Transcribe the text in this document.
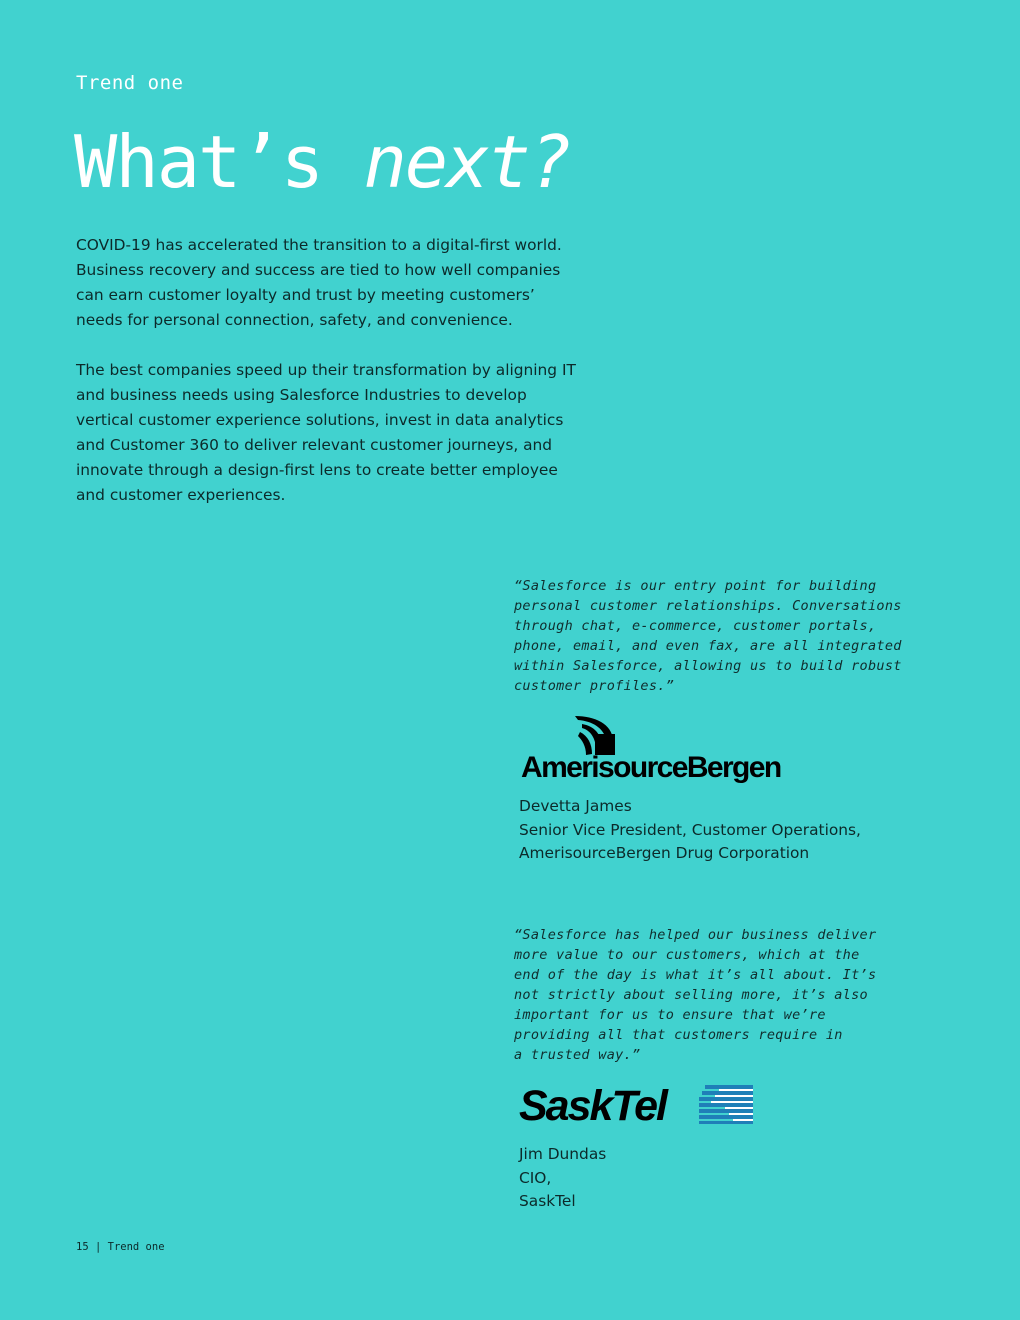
Trend one
What’s next?

COVID-19 has accelerated the transition to a digital-first world. Business recovery and success are tied to how well companies can earn customer loyalty and trust by meeting customers’ needs for personal connection, safety, and convenience.

The best companies speed up their transformation by aligning IT and business needs using Salesforce Industries to develop vertical customer experience solutions, invest in data analytics and Customer 360 to deliver relevant customer journeys, and innovate through a design-first lens to create better employee and customer experiences.

“Salesforce is our entry point for building
personal customer relationships. Conversations
through chat, e-commerce, customer portals,
phone, email, and even fax, are all integrated
within Salesforce, allowing us to build robust
customer profiles.”

AmerisourceBergen
Devetta James
Senior Vice President, Customer Operations,
AmerisourceBergen Drug Corporation

“Salesforce has helped our business deliver
more value to our customers, which at the
end of the day is what it’s all about. It’s
not strictly about selling more, it’s also
important for us to ensure that we’re
providing all that customers require in
a trusted way.”

SaskTel
Jim Dundas
CIO,
SaskTel
15 | Trend one
